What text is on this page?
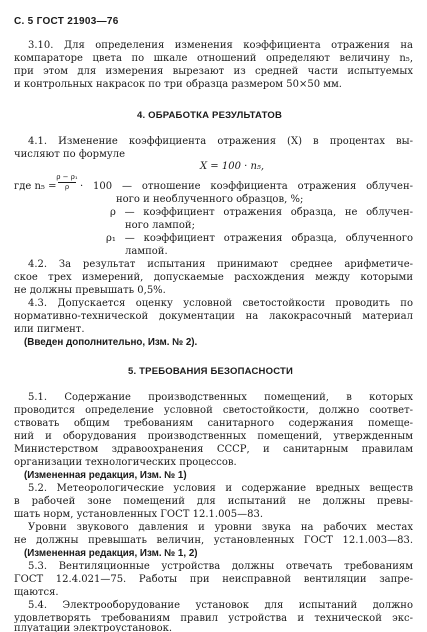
С. 5 ГОСТ 21903—76
3.10. Для определения изменения коэффициента отражения на
компараторе цвета по шкале отношений определяют величину n₅,
при этом для измерения вырезают из средней части испытуемых
и контрольных накрасок по три образца размером 50×50 мм.
4. ОБРАБОТКА РЕЗУЛЬТАТОВ
4.1. Изменение коэффициента отражения (X) в процентах вы-
числяют по формуле
X = 100 · n₅,
где n₅ =
ρ − ρ₁
ρ	· 100 — отношение коэффициента отражения облучен-
ного и необлученного образцов, %;
ρ — коэффициент отражения образца, не облучен-
ного лампой;
ρ₁ — коэффициент отражения образца, облученного
лампой.
4.2. За результат испытания принимают среднее арифметиче-
ское трех измерений, допускаемые расхождения между которыми
не должны превышать 0,5%.
4.3. Допускается оценку условной светостойкости проводить по
нормативно-технической документации на лакокрасочный материал
или пигмент.
(Введен дополнительно, Изм. № 2).
5. ТРЕБОВАНИЯ БЕЗОПАСНОСТИ
5.1. Содержание производственных помещений, в которых
проводится определение условной светостойкости, должно соответ-
ствовать общим требованиям санитарного содержания помеще-
ний и оборудования производственных помещений, утвержденным
Министерством здравоохранения СССР, и санитарным правилам
организации технологических процессов.
(Измененная редакция, Изм. № 1)
5.2. Метеорологические условия и содержание вредных веществ
в рабочей зоне помещений для испытаний не должны превы-
шать норм, установленных ГОСТ 12.1.005—83.
Уровни звукового давления и уровни звука на рабочих местах
не должны превышать величин, установленных ГОСТ 12.1.003—83.
(Измененная редакция, Изм. № 1, 2)
5.3. Вентиляционные устройства должны отвечать требованиям
ГОСТ 12.4.021—75. Работы при неисправной вентиляции запре-
щаются.
5.4. Электрооборудование установок для испытаний должно
удовлетворять требованиям правил устройства и технической экс-
плуатации электроустановок.
